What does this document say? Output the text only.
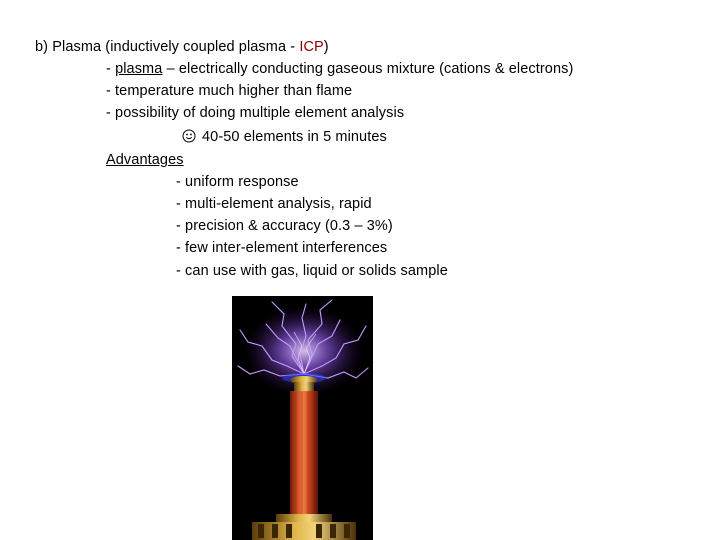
b) Plasma (inductively coupled plasma - ICP)
- plasma – electrically conducting gaseous mixture (cations & electrons)
- temperature much higher than flame
- possibility of doing multiple element analysis
40-50 elements in 5 minutes
Advantages
- uniform response
- multi-element analysis, rapid
- precision & accuracy (0.3 – 3%)
- few inter-element interferences
- can use with gas, liquid or solids sample
